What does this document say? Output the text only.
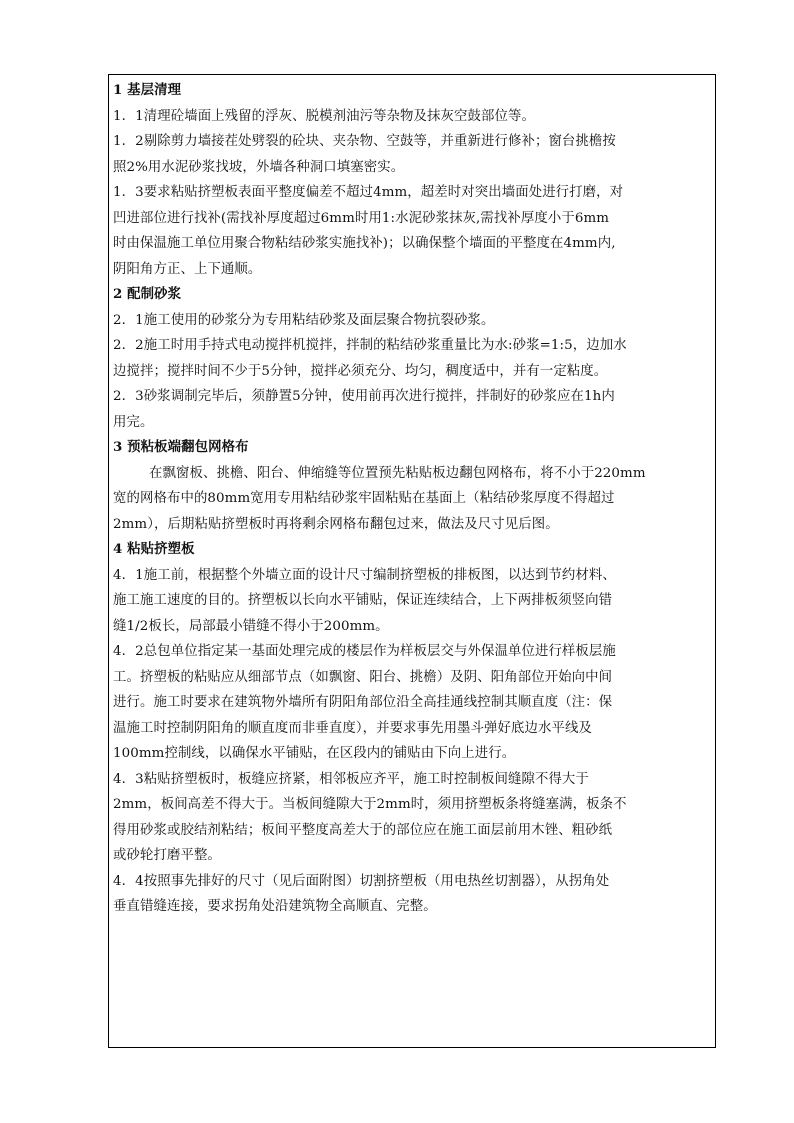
1 基层清理
1．1清理砼墙面上残留的浮灰、脱模剂油污等杂物及抹灰空鼓部位等。
1．2剔除剪力墙接茬处劈裂的砼块、夹杂物、空鼓等，并重新进行修补；窗台挑檐按
照2%用水泥砂浆找坡，外墙各种洞口填塞密实。
1．3要求粘贴挤塑板表面平整度偏差不超过4mm，超差时对突出墙面处进行打磨，对
凹进部位进行找补(需找补厚度超过6mm时用1:水泥砂浆抹灰,需找补厚度小于6mm
时由保温施工单位用聚合物粘结砂浆实施找补)；以确保整个墙面的平整度在4mm内,
阴阳角方正、上下通顺。
2 配制砂浆
2．1施工使用的砂浆分为专用粘结砂浆及面层聚合物抗裂砂浆。
2．2施工时用手持式电动搅拌机搅拌，拌制的粘结砂浆重量比为水:砂浆=1:5，边加水
边搅拌；搅拌时间不少于5分钟，搅拌必须充分、均匀，稠度适中，并有一定粘度。
2．3砂浆调制完毕后，须静置5分钟，使用前再次进行搅拌，拌制好的砂浆应在1h内
用完。
3 预粘板端翻包网格布
在飘窗板、挑檐、阳台、伸缩缝等位置预先粘贴板边翻包网格布，将不小于220mm
宽的网格布中的80mm宽用专用粘结砂浆牢固粘贴在基面上（粘结砂浆厚度不得超过
2mm），后期粘贴挤塑板时再将剩余网格布翻包过来，做法及尺寸见后图。
4 粘贴挤塑板
4．1施工前，根据整个外墙立面的设计尺寸编制挤塑板的排板图，以达到节约材料、
施工施工速度的目的。挤塑板以长向水平铺贴，保证连续结合，上下两排板须竖向错
缝1/2板长，局部最小错缝不得小于200mm。
4．2总包单位指定某一基面处理完成的楼层作为样板层交与外保温单位进行样板层施
工。挤塑板的粘贴应从细部节点（如飘窗、阳台、挑檐）及阴、阳角部位开始向中间
进行。施工时要求在建筑物外墙所有阴阳角部位沿全高挂通线控制其顺直度（注：保
温施工时控制阴阳角的顺直度而非垂直度），并要求事先用墨斗弹好底边水平线及
100mm控制线，以确保水平铺贴，在区段内的铺贴由下向上进行。
4．3粘贴挤塑板时，板缝应挤紧，相邻板应齐平，施工时控制板间缝隙不得大于
2mm，板间高差不得大于。当板间缝隙大于2mm时，须用挤塑板条将缝塞满，板条不
得用砂浆或胶结剂粘结；板间平整度高差大于的部位应在施工面层前用木锉、粗砂纸
或砂轮打磨平整。
4．4按照事先排好的尺寸（见后面附图）切割挤塑板（用电热丝切割器），从拐角处
垂直错缝连接，要求拐角处沿建筑物全高顺直、完整。
